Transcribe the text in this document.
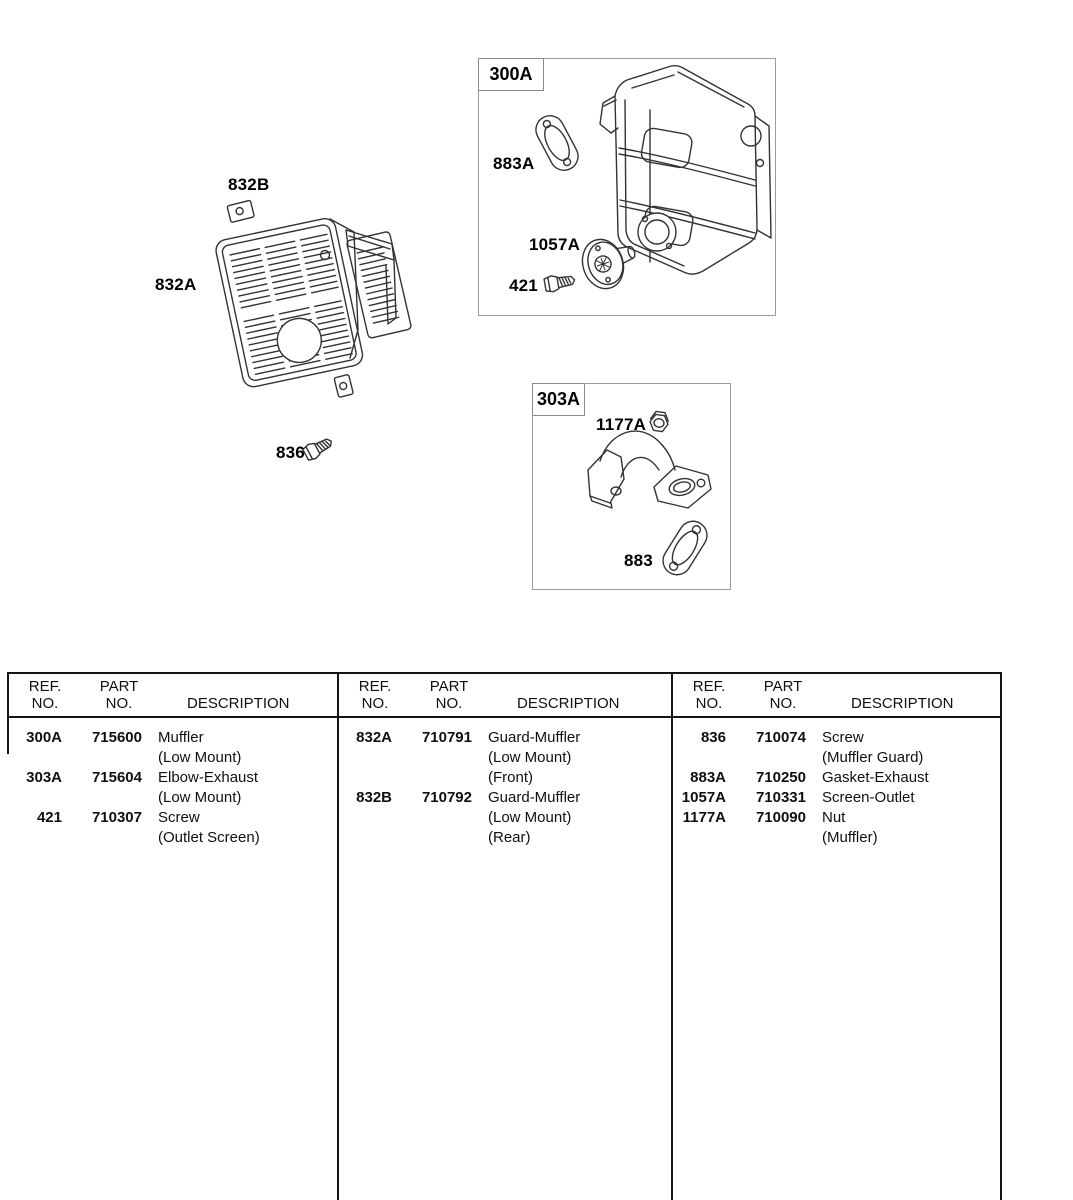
300A
303A
832B
832A
836
883A
1057A
421
1177A
883
REF.
NO.
PART
NO.	DESCRIPTION
300A	715600 Muffler
(Low Mount)
303A	715604 Elbow-Exhaust
(Low Mount)
421	710307 Screw
(Outlet Screen)
REF.
NO.
PART
NO.	DESCRIPTION
832A	710791 Guard-Muffler
(Low Mount)
(Front)
832B	710792 Guard-Muffler
(Low Mount)
(Rear)
REF.
NO.
PART
NO.	DESCRIPTION
836	710074 Screw
(Muffler Guard)
883A	710250 Gasket-Exhaust
1057A	710331 Screen-Outlet
1177A	710090 Nut
(Muffler)
